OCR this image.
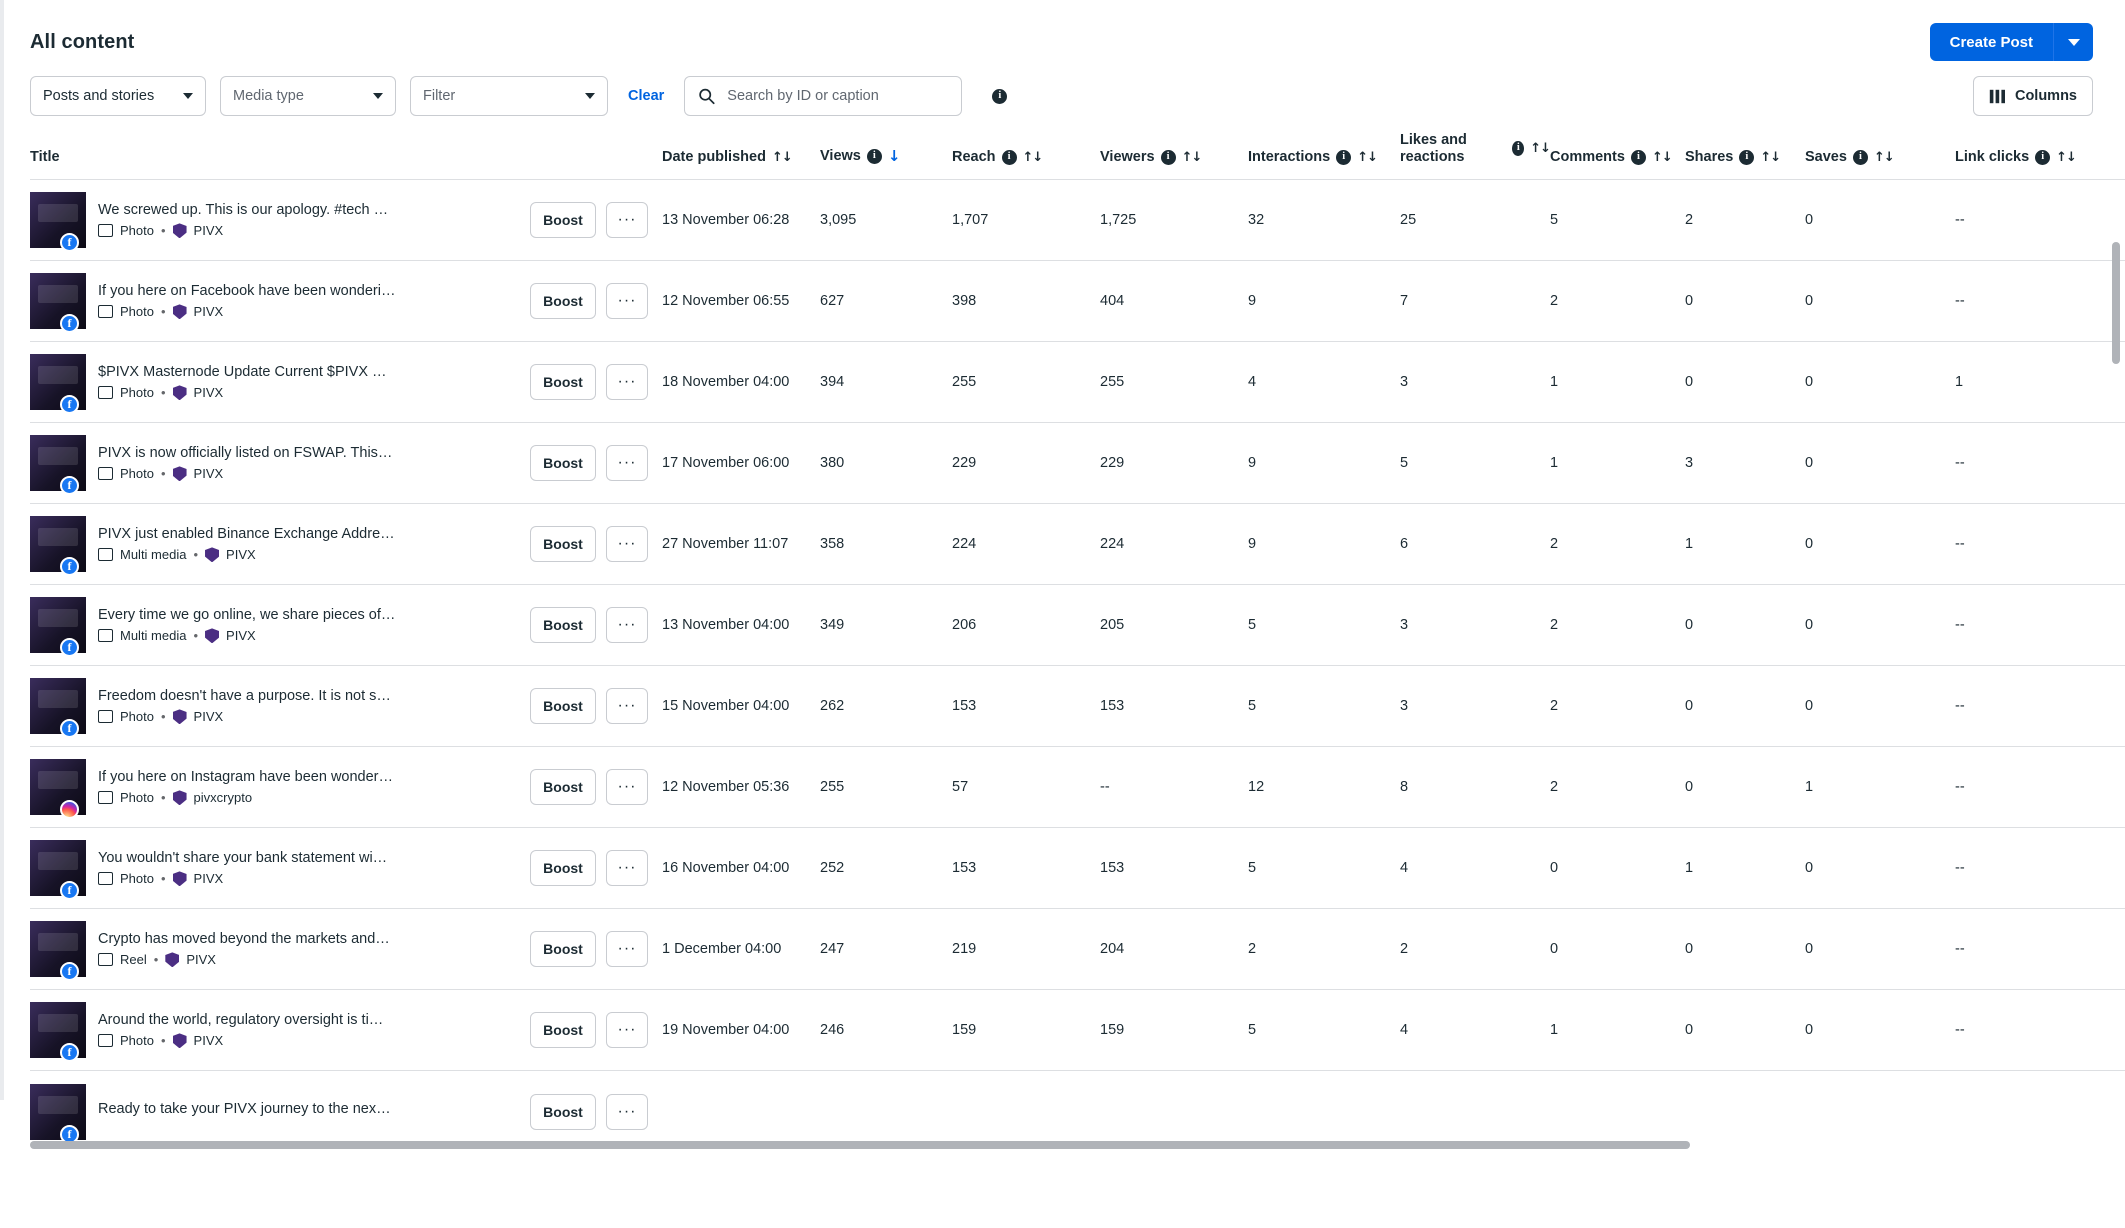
All content	Create Post
Posts and stories	Media type	Filter	Clear
Search by ID or caption	i	Columns
Title		Date published ↑↓	Views i ↓	Reach i ↑↓	Viewers i ↑↓	Interactions i ↑↓	Likes and reactions
i ↑↓	Comments i ↑↓	Shares i ↑↓	Saves i ↑↓	Link clicks i ↑↓

f
We screwed up. This is our apology. #tech …
Photo • PIVX

Boost	···	13 November 06:28	3,095	1,707	1,725	32	25	5	2	0	--

f
If you here on Facebook have been wonderi…
Photo • PIVX

Boost	···	12 November 06:55	627	398	404	9	7	2	0	0	--

f
$PIVX Masternode Update Current $PIVX …
Photo • PIVX

Boost	···	18 November 04:00	394	255	255	4	3	1	0	0	1

f
PIVX is now officially listed on FSWAP. This…
Photo • PIVX

Boost	···	17 November 06:00	380	229	229	9	5	1	3	0	--

f
PIVX just enabled Binance Exchange Addre…
Multi media • PIVX

Boost	···	27 November 11:07	358	224	224	9	6	2	1	0	--

f
Every time we go online, we share pieces of…
Multi media • PIVX

Boost	···	13 November 04:00	349	206	205	5	3	2	0	0	--

f
Freedom doesn't have a purpose. It is not s…
Photo • PIVX

Boost	···	15 November 04:00	262	153	153	5	3	2	0	0	--

If you here on Instagram have been wonder…
Photo • pivxcrypto

Boost	···	12 November 05:36	255	57	--	12	8	2	0	1	--

f
You wouldn't share your bank statement wi…
Photo • PIVX

Boost	···	16 November 04:00	252	153	153	5	4	0	1	0	--

f
Crypto has moved beyond the markets and…
Reel • PIVX

Boost	···	1 December 04:00	247	219	204	2	2	0	0	0	--

f
Around the world, regulatory oversight is ti…
Photo • PIVX

Boost	···	19 November 04:00	246	159	159	5	4	1	0	0	--

f
Ready to take your PIVX journey to the nex…	Boost	···
